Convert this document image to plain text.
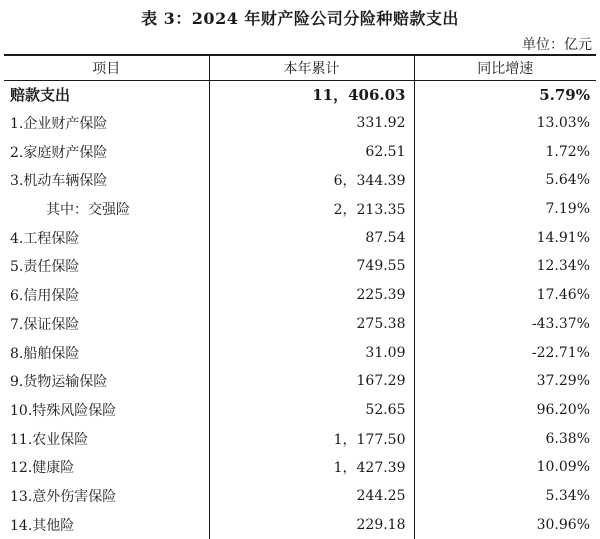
表 3：2024 年财产险公司分险种赔款支出
单位：亿元
项目	本年累计	同比增速
赔款支出	11，406.03	5.79%
1.企业财产保险	331.92	13.03%
2.家庭财产保险	62.51	1.72%
3.机动车辆保险	6，344.39	5.64%
其中：交强险	2，213.35	7.19%
4.工程保险	87.54	14.91%
5.责任保险	749.55	12.34%
6.信用保险	225.39	17.46%
7.保证保险	275.38	-43.37%
8.船舶保险	31.09	-22.71%
9.货物运输保险	167.29	37.29%
10.特殊风险保险	52.65	96.20%
11.农业保险	1，177.50	6.38%
12.健康险	1，427.39	10.09%
13.意外伤害保险	244.25	5.34%
14.其他险	229.18	30.96%
